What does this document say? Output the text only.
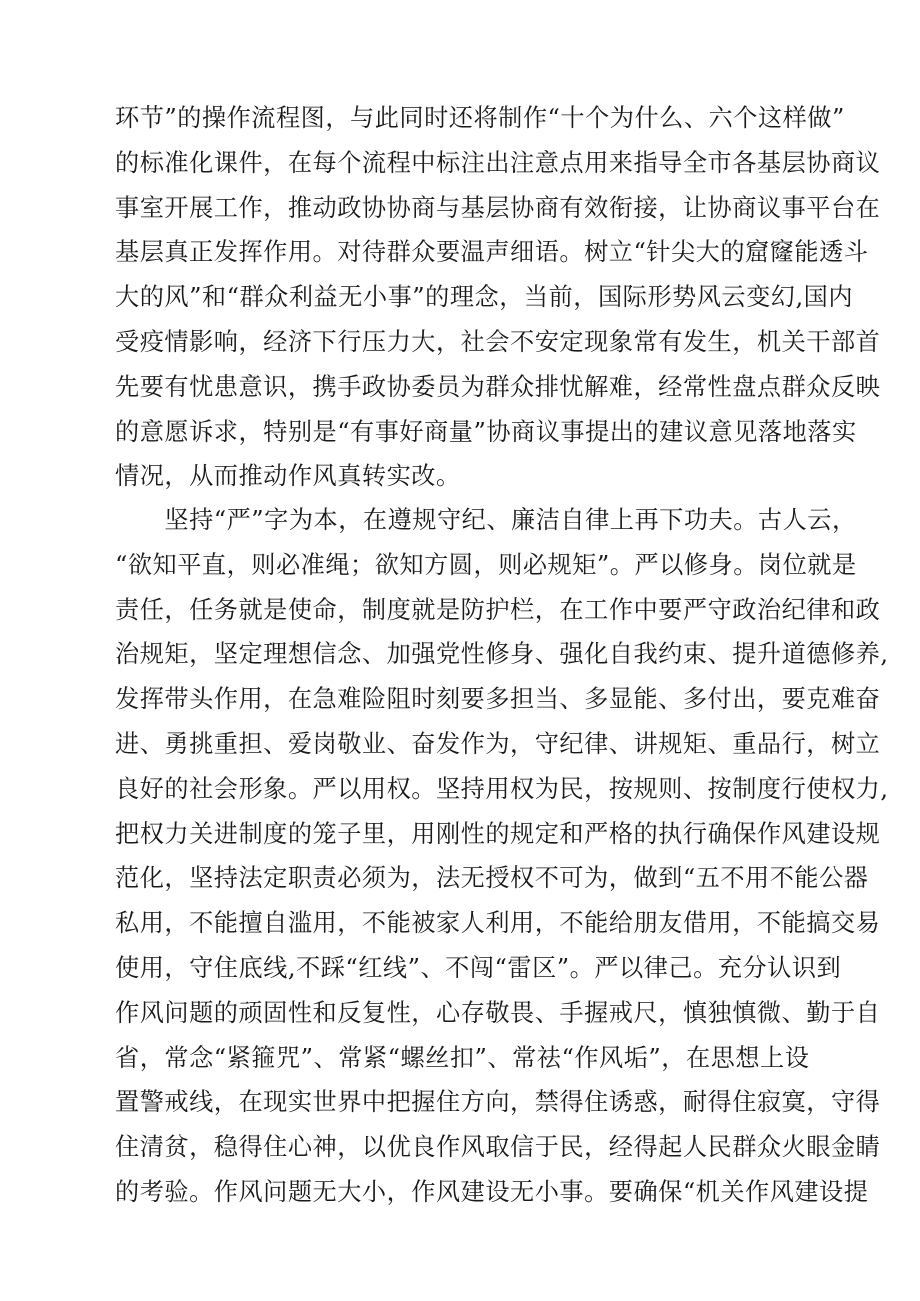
环节”的操作流程图，与此同时还将制作“十个为什么、六个这样做”
的标准化课件，在每个流程中标注出注意点用来指导全市各基层协商议
事室开展工作，推动政协协商与基层协商有效衔接，让协商议事平台在
基层真正发挥作用。对待群众要温声细语。树立“针尖大的窟窿能透斗
大的风”和“群众利益无小事”的理念，当前，国际形势风云变幻,国内
受疫情影响，经济下行压力大，社会不安定现象常有发生，机关干部首
先要有忧患意识，携手政协委员为群众排忧解难，经常性盘点群众反映
的意愿诉求，特别是“有事好商量”协商议事提出的建议意见落地落实
情况，从而推动作风真转实改。
　　坚持“严”字为本，在遵规守纪、廉洁自律上再下功夫。古人云，
“欲知平直，则必准绳；欲知方圆，则必规矩”。严以修身。岗位就是
责任，任务就是使命，制度就是防护栏，在工作中要严守政治纪律和政
治规矩，坚定理想信念、加强党性修身、强化自我约束、提升道德修养,
发挥带头作用，在急难险阻时刻要多担当、多显能、多付出，要克难奋
进、勇挑重担、爱岗敬业、奋发作为，守纪律、讲规矩、重品行，树立
良好的社会形象。严以用权。坚持用权为民，按规则、按制度行使权力,
把权力关进制度的笼子里，用刚性的规定和严格的执行确保作风建设规
范化，坚持法定职责必须为，法无授权不可为，做到“五不用不能公器
私用，不能擅自滥用，不能被家人利用，不能给朋友借用，不能搞交易
使用，守住底线,不踩“红线”、不闯“雷区”。严以律己。充分认识到
作风问题的顽固性和反复性，心存敬畏、手握戒尺，慎独慎微、勤于自
省，常念“紧箍咒”、常紧“螺丝扣”、常祛“作风垢”，在思想上设
置警戒线，在现实世界中把握住方向，禁得住诱惑，耐得住寂寞，守得
住清贫，稳得住心神，以优良作风取信于民，经得起人民群众火眼金睛
的考验。作风问题无大小，作风建设无小事。要确保“机关作风建设提
